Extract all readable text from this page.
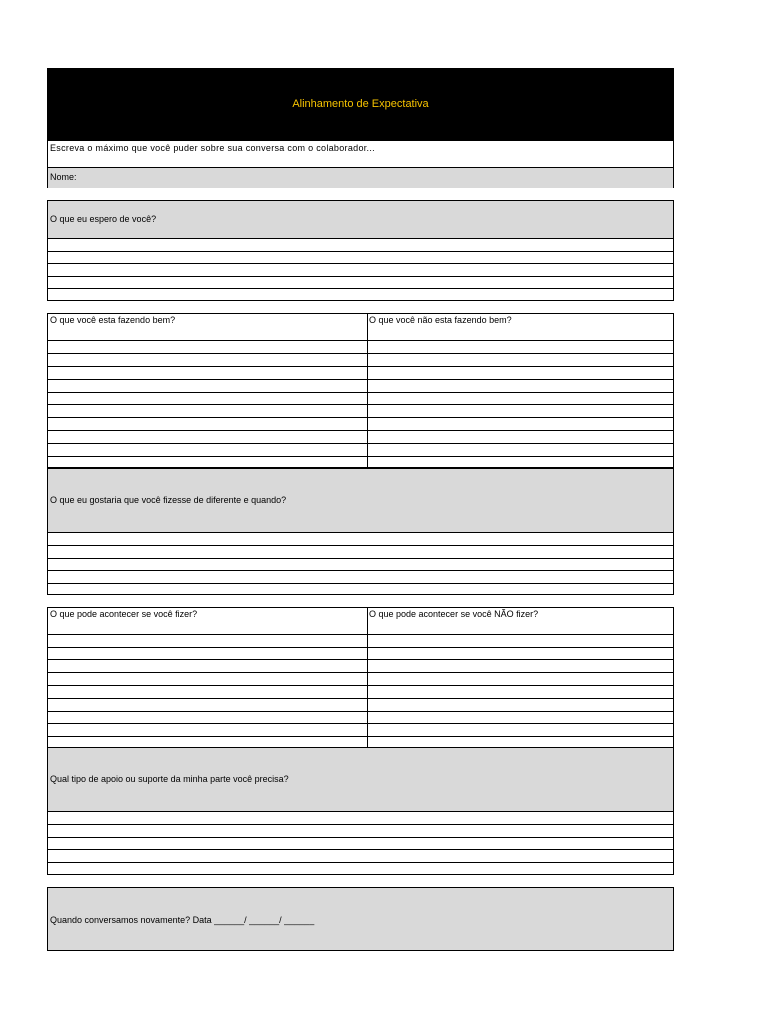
Alinhamento de Expectativa
Escreva o máximo que você puder sobre sua conversa com o colaborador...
Nome:
O que eu espero de você?
O que você esta fazendo bem?	O que você não esta fazendo bem?
O que eu gostaria que você fizesse de diferente e quando?
O que pode acontecer se você fizer?	O que pode acontecer se você NÃO fizer?
Qual tipo de apoio ou suporte da minha parte você precisa?
Quando conversamos novamente? Data ______/ ______/ ______
